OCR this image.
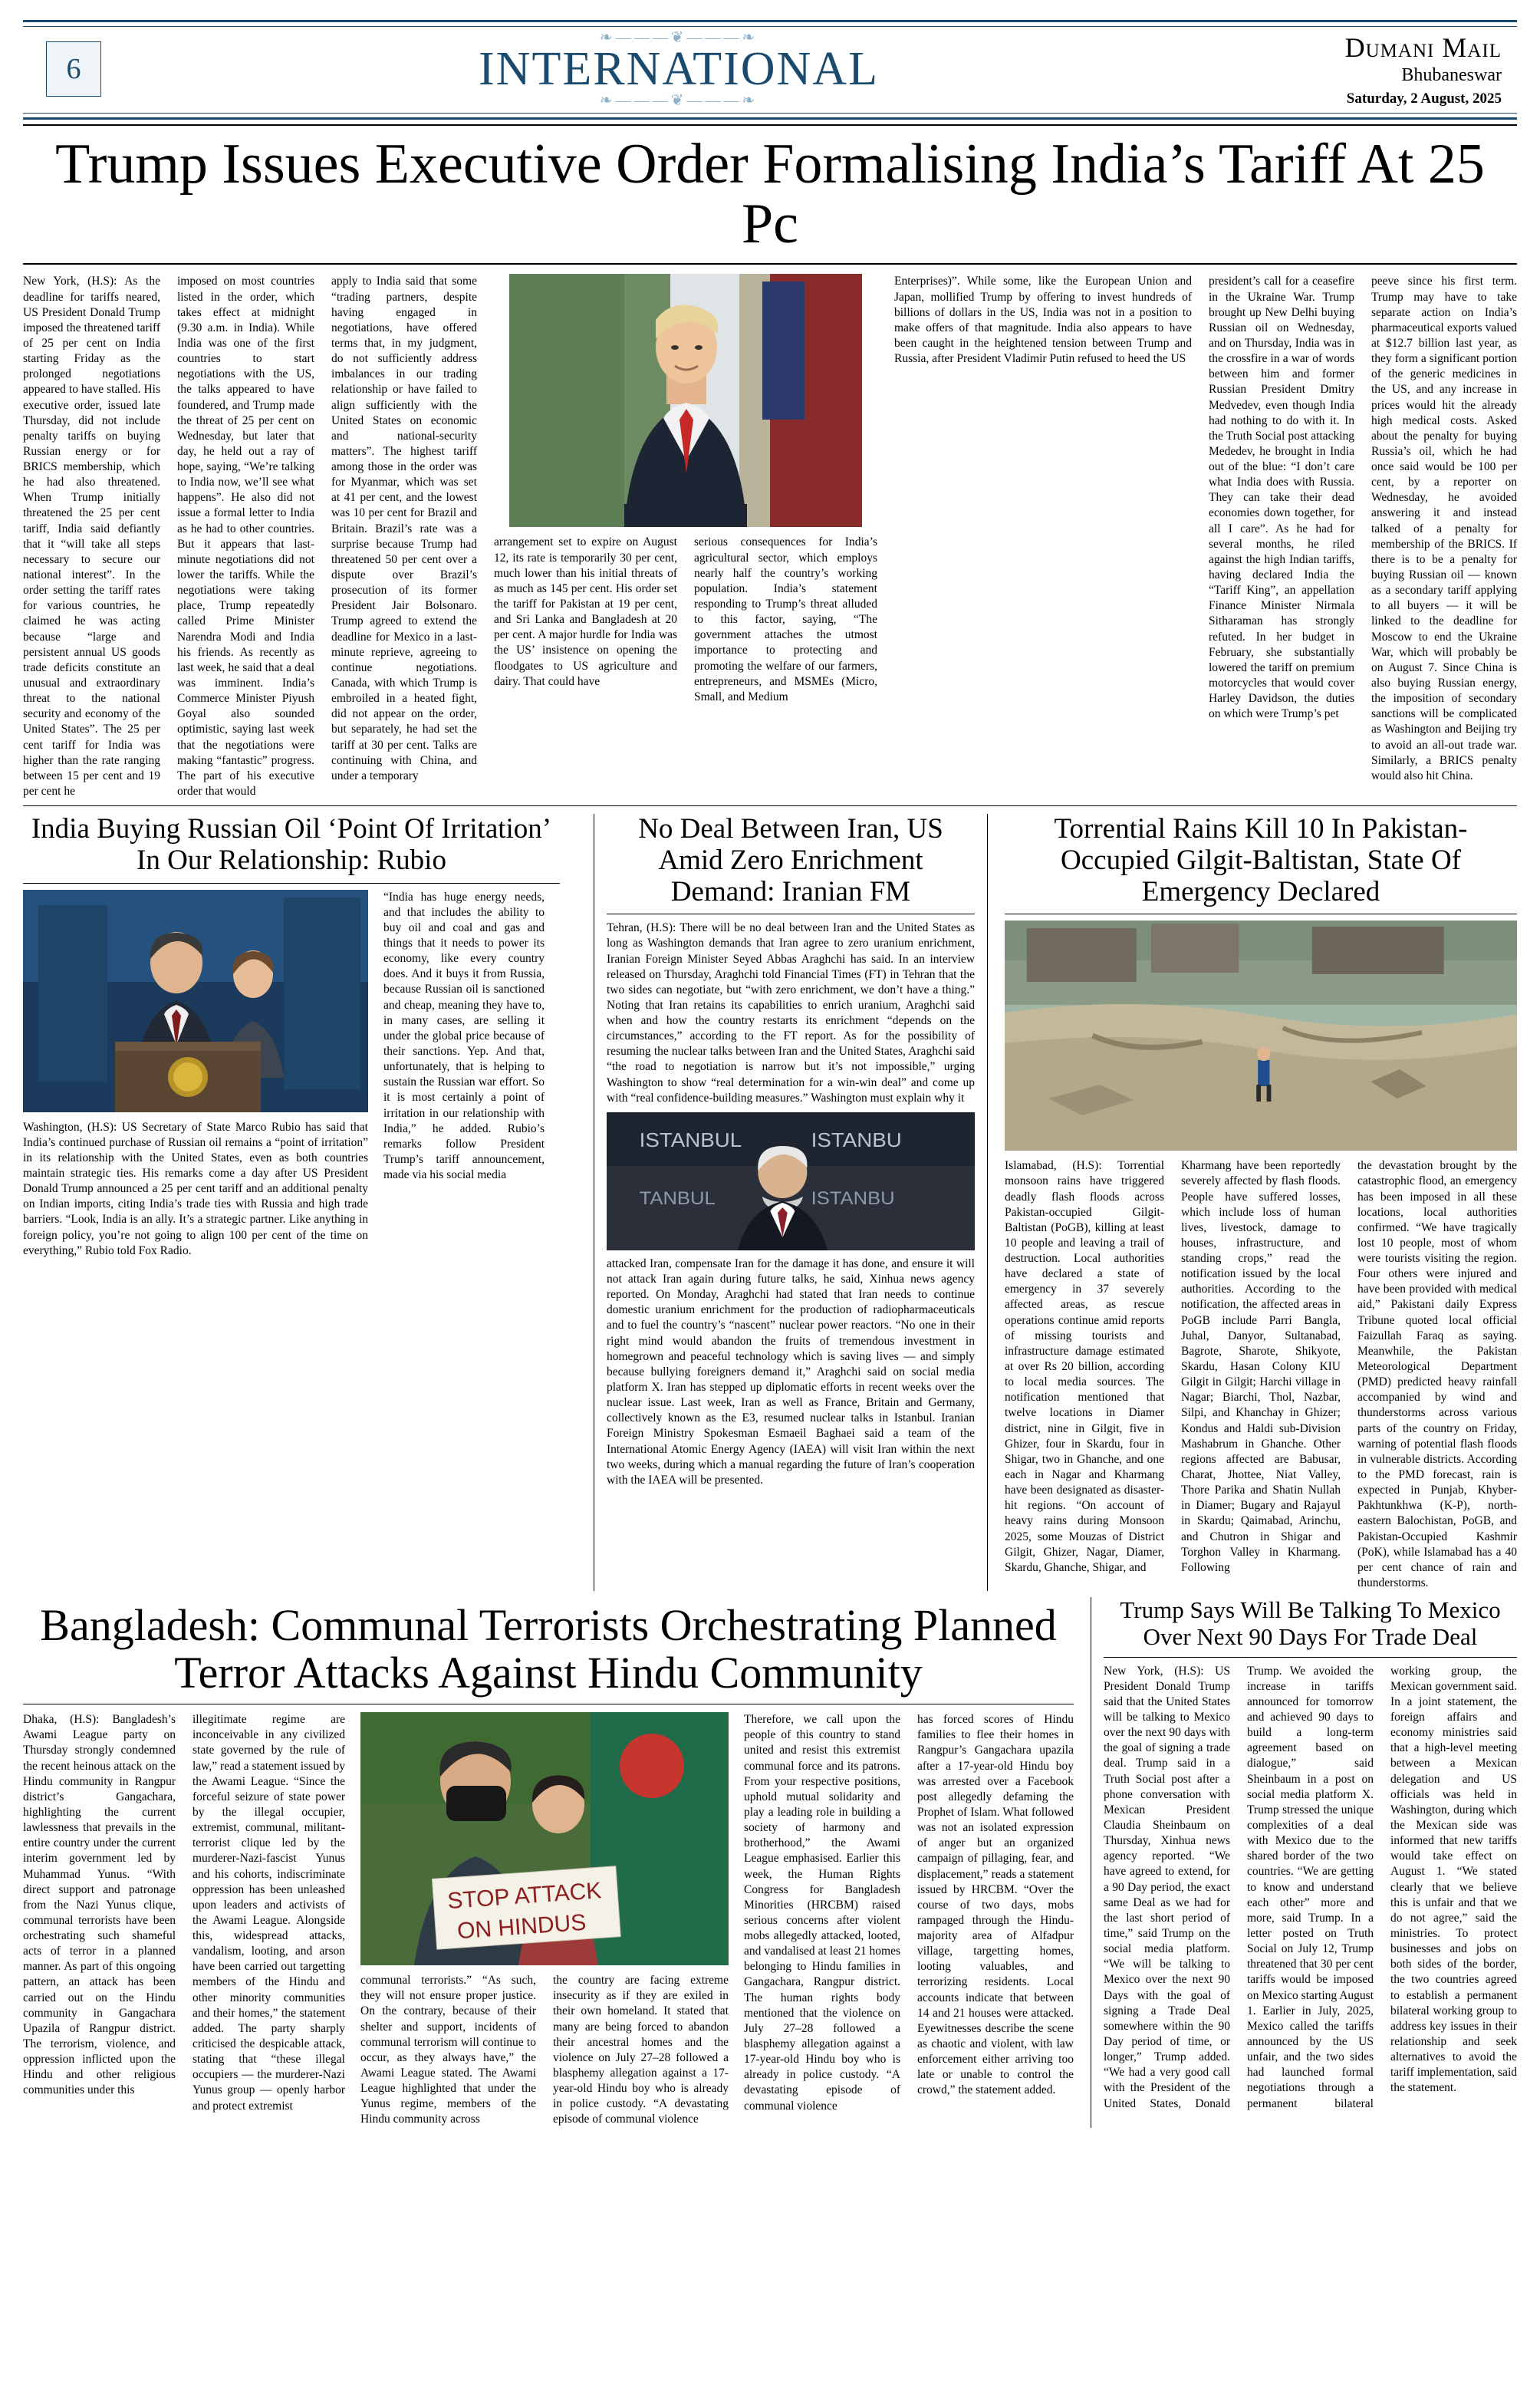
6
❧―――❦―――❧
INTERNATIONAL
❧―――❦―――❧
Dumani Mail
Bhubaneswar
Saturday, 2 August, 2025
Trump Issues Executive Order Formalising India’s Tariff At 25 Pc

New York, (H.S): As the deadline for tariffs neared, US President Donald Trump imposed the threatened tariff of 25 per cent on India starting Friday as the prolonged negotiations appeared to have stalled. His executive order, issued late Thursday, did not include penalty tariffs on buying Russian energy or for BRICS membership, which he had also threatened. When Trump initially threatened the 25 per cent tariff, India said defiantly that it “will take all steps necessary to secure our national interest”. In the order setting the tariff rates for various countries, he claimed he was acting because “large and persistent annual US goods trade deficits constitute an unusual and extraordinary threat to the national security and economy of the United States”. The 25 per cent tariff for India was higher than the rate ranging between 15 per cent and 19 per cent he

imposed on most countries listed in the order, which takes effect at midnight (9.30 a.m. in India). While India was one of the first countries to start negotiations with the US, the talks appeared to have foundered, and Trump made the threat of 25 per cent on Wednesday, but later that day, he held out a ray of hope, saying, “We’re talking to India now, we’ll see what happens”. He also did not issue a formal letter to India as he had to other countries. But it appears that last-minute negotiations did not lower the tariffs. While the negotiations were taking place, Trump repeatedly called Prime Minister Narendra Modi and India his friends. As recently as last week, he said that a deal was imminent. India’s Commerce Minister Piyush Goyal also sounded optimistic, saying last week that the negotiations were making “fantastic” progress. The part of his executive order that would

apply to India said that some “trading partners, despite having engaged in negotiations, have offered terms that, in my judgment, do not sufficiently address imbalances in our trading relationship or have failed to align sufficiently with the United States on economic and national-security matters”. The highest tariff among those in the order was for Myanmar, which was set at 41 per cent, and the lowest was 10 per cent for Brazil and Britain. Brazil’s rate was a surprise because Trump had threatened 50 per cent over a dispute over Brazil’s prosecution of its former President Jair Bolsonaro. Trump agreed to extend the deadline for Mexico in a last-minute reprieve, agreeing to continue negotiations. Canada, with which Trump is embroiled in a heated fight, did not appear on the order, but separately, he had set the tariff at 30 per cent. Talks are continuing with China, and under a temporary

arrangement set to expire on August 12, its rate is temporarily 30 per cent, much lower than his initial threats of as much as 145 per cent. His order set the tariff for Pakistan at 19 per cent, and Sri Lanka and Bangladesh at 20 per cent. A major hurdle for India was the US’ insistence on opening the floodgates to US agriculture and dairy. That could have

serious consequences for India’s agricultural sector, which employs nearly half the country’s working population. India’s statement responding to Trump’s threat alluded to this factor, saying, “The government attaches the utmost importance to protecting and promoting the welfare of our farmers, entrepreneurs, and MSMEs (Micro, Small, and Medium

Enterprises)”. While some, like the European Union and Japan, mollified Trump by offering to invest hundreds of billions of dollars in the US, India was not in a position to make offers of that magnitude. India also appears to have been caught in the heightened tension between Trump and Russia, after President Vladimir Putin refused to heed the US

president’s call for a ceasefire in the Ukraine War. Trump brought up New Delhi buying Russian oil on Wednesday, and on Thursday, India was in the crossfire in a war of words between him and former Russian President Dmitry Medvedev, even though India had nothing to do with it. In the Truth Social post attacking Mededev, he brought in India out of the blue: “I don’t care what India does with Russia. They can take their dead economies down together, for all I care”. As he had for several months, he riled against the high Indian tariffs, having declared India the “Tariff King”, an appellation Finance Minister Nirmala Sitharaman has strongly refuted. In her budget in February, she substantially lowered the tariff on premium motorcycles that would cover Harley Davidson, the duties on which were Trump’s pet

peeve since his first term. Trump may have to take separate action on India’s pharmaceutical exports valued at $12.7 billion last year, as they form a significant portion of the generic medicines in the US, and any increase in prices would hit the already high medical costs. Asked about the penalty for buying Russia’s oil, which he had once said would be 100 per cent, by a reporter on Wednesday, he avoided answering it and instead talked of a penalty for membership of the BRICS. If there is to be a penalty for buying Russian oil — known as a secondary tariff applying to all buyers — it will be linked to the deadline for Moscow to end the Ukraine War, which will probably be on August 7. Since China is also buying Russian energy, the imposition of secondary sanctions will be complicated as Washington and Beijing try to avoid an all-out trade war. Similarly, a BRICS penalty would also hit China.

India Buying Russian Oil ‘Point Of Irritation’ In Our Relationship: Rubio

Washington, (H.S): US Secretary of State Marco Rubio has said that India’s continued purchase of Russian oil remains a “point of irritation” in its relationship with the United States, even as both countries maintain strategic ties. His remarks come a day after US President Donald Trump announced a 25 per cent tariff and an additional penalty on Indian imports, citing India’s trade ties with Russia and high trade barriers. “Look, India is an ally. It’s a strategic partner. Like anything in foreign policy, you’re not going to align 100 per cent of the time on everything,” Rubio told Fox Radio.

“India has huge energy needs, and that includes the ability to buy oil and coal and gas and things that it needs to power its economy, like every country does. And it buys it from Russia, because Russian oil is sanctioned and cheap, meaning they have to, in many cases, are selling it under the global price because of their sanctions. Yep. And that, unfortunately, that is helping to sustain the Russian war effort. So it is most certainly a point of irritation in our relationship with India,” he added. Rubio’s remarks follow President Trump’s tariff announcement, made via his social media

No Deal Between Iran, US Amid Zero Enrichment Demand: Iranian FM

Tehran, (H.S): There will be no deal between Iran and the United States as long as Washington demands that Iran agree to zero uranium enrichment, Iranian Foreign Minister Seyed Abbas Araghchi has said. In an interview released on Thursday, Araghchi told Financial Times (FT) in Tehran that the two sides can negotiate, but “with zero enrichment, we don’t have a thing.” Noting that Iran retains its capabilities to enrich uranium, Araghchi said when and how the country restarts its enrichment “depends on the circumstances,” according to the FT report. As for the possibility of resuming the nuclear talks between Iran and the United States, Araghchi said “the road to negotiation is narrow but it’s not impossible,” urging Washington to show “real determination for a win-win deal” and come up with “real confidence-building measures.” Washington must explain why it

ISTANBUL	ISTANBU
TANBUL	ISTANBU

attacked Iran, compensate Iran for the damage it has done, and ensure it will not attack Iran again during future talks, he said, Xinhua news agency reported. On Monday, Araghchi had stated that Iran needs to continue domestic uranium enrichment for the production of radiopharmaceuticals and to fuel the country’s “nascent” nuclear power reactors. “No one in their right mind would abandon the fruits of tremendous investment in homegrown and peaceful technology which is saving lives — and simply because bullying foreigners demand it,” Araghchi said on social media platform X. Iran has stepped up diplomatic efforts in recent weeks over the nuclear issue. Last week, Iran as well as France, Britain and Germany, collectively known as the E3, resumed nuclear talks in Istanbul. Iranian Foreign Ministry Spokesman Esmaeil Baghaei said a team of the International Atomic Energy Agency (IAEA) will visit Iran within the next two weeks, during which a manual regarding the future of Iran’s cooperation with the IAEA will be presented.

Torrential Rains Kill 10 In Pakistan-Occupied Gilgit-Baltistan, State Of Emergency Declared

Islamabad, (H.S): Torrential monsoon rains have triggered deadly flash floods across Pakistan-occupied Gilgit-Baltistan (PoGB), killing at least 10 people and leaving a trail of destruction. Local authorities have declared a state of emergency in 37 severely affected areas, as rescue operations continue amid reports of missing tourists and infrastructure damage estimated at over Rs 20 billion, according to local media sources. The notification mentioned that twelve locations in Diamer district, nine in Gilgit, five in Ghizer, four in Skardu, four in Shigar, two in Ghanche, and one each in Nagar and Kharmang have been designated as disaster-hit regions. “On account of heavy rains during Monsoon 2025, some Mouzas of District Gilgit, Ghizer, Nagar, Diamer, Skardu, Ghanche, Shigar, and

Kharmang have been reportedly severely affected by flash floods. People have suffered losses, which include loss of human lives, livestock, damage to houses, infrastructure, and standing crops,” read the notification issued by the local authorities. According to the notification, the affected areas in PoGB include Parri Bangla, Juhal, Danyor, Sultanabad, Bagrote, Sharote, Shikyote, Skardu, Hasan Colony KIU Gilgit in Gilgit; Harchi village in Nagar; Biarchi, Thol, Nazbar, Silpi, and Khanchay in Ghizer; Kondus and Haldi sub-Division Mashabrum in Ghanche. Other regions affected are Babusar, Charat, Jhottee, Niat Valley, Thore Parika and Shatin Nullah in Diamer; Bugary and Rajayul in Skardu; Qaimabad, Arinchu, and Chutron in Shigar and Torghon Valley in Kharmang. Following

the devastation brought by the catastrophic flood, an emergency has been imposed in all these locations, local authorities confirmed. “We have tragically lost 10 people, most of whom were tourists visiting the region. Four others were injured and have been provided with medical aid,” Pakistani daily Express Tribune quoted local official Faizullah Faraq as saying. Meanwhile, the Pakistan Meteorological Department (PMD) predicted heavy rainfall accompanied by wind and thunderstorms across various parts of the country on Friday, warning of potential flash floods in vulnerable districts. According to the PMD forecast, rain is expected in Punjab, Khyber-Pakhtunkhwa (K-P), north-eastern Balochistan, PoGB, and Pakistan-Occupied Kashmir (PoK), while Islamabad has a 40 per cent chance of rain and thunderstorms.

Bangladesh: Communal Terrorists Orchestrating Planned Terror Attacks Against Hindu Community

Dhaka, (H.S): Bangladesh’s Awami League party on Thursday strongly condemned the recent heinous attack on the Hindu community in Rangpur district’s Gangachara, highlighting the current lawlessness that prevails in the entire country under the current interim government led by Muhammad Yunus. “With direct support and patronage from the Nazi Yunus clique, communal terrorists have been orchestrating such shameful acts of terror in a planned manner. As part of this ongoing pattern, an attack has been carried out on the Hindu community in Gangachara Upazila of Rangpur district. The terrorism, violence, and oppression inflicted upon the Hindu and other religious communities under this

illegitimate regime are inconceivable in any civilized state governed by the rule of law,” read a statement issued by the Awami League. “Since the forceful seizure of state power by the illegal occupier, extremist, communal, militant-terrorist clique led by the murderer-Nazi-fascist Yunus and his cohorts, indiscriminate oppression has been unleashed upon leaders and activists of the Awami League. Alongside this, widespread attacks, vandalism, looting, and arson have been carried out targetting members of the Hindu and other minority communities and their homes,” the statement added. The party sharply criticised the despicable attack, stating that “these illegal occupiers — the murderer-Nazi Yunus group — openly harbor and protect extremist

STOP ATTACK
ON HINDUS

communal terrorists.” “As such, they will not ensure proper justice. On the contrary, because of their shelter and support, incidents of communal terrorism will continue to occur, as they always have,” the Awami League stated. The Awami League highlighted that under the Yunus regime, members of the Hindu community across

the country are facing extreme insecurity as if they are exiled in their own homeland. It stated that many are being forced to abandon their ancestral homes and the violence on July 27–28 followed a blasphemy allegation against a 17-year-old Hindu boy who is already in police custody. “A devastating episode of communal violence

Therefore, we call upon the people of this country to stand united and resist this extremist communal force and its patrons. From your respective positions, uphold mutual solidarity and play a leading role in building a society of harmony and brotherhood,” the Awami League emphasised. Earlier this week, the Human Rights Congress for Bangladesh Minorities (HRCBM) raised serious concerns after violent mobs allegedly attacked, looted, and vandalised at least 21 homes belonging to Hindu families in Gangachara, Rangpur district. The human rights body mentioned that the violence on July 27–28 followed a blasphemy allegation against a 17-year-old Hindu boy who is already in police custody. “A devastating episode of communal violence

has forced scores of Hindu families to flee their homes in Rangpur’s Gangachara upazila after a 17-year-old Hindu boy was arrested over a Facebook post allegedly defaming the Prophet of Islam. What followed was not an isolated expression of anger but an organized campaign of pillaging, fear, and displacement,” reads a statement issued by HRCBM. “Over the course of two days, mobs rampaged through the Hindu-majority area of Alfadpur village, targetting homes, looting valuables, and terrorizing residents. Local accounts indicate that between 14 and 21 houses were attacked. Eyewitnesses describe the scene as chaotic and violent, with law enforcement either arriving too late or unable to control the crowd,” the statement added.

Trump Says Will Be Talking To Mexico Over Next 90 Days For Trade Deal

New York, (H.S): US President Donald Trump said that the United States will be talking to Mexico over the next 90 days with the goal of signing a trade deal. Trump said in a Truth Social post after a phone conversation with Mexican President Claudia Sheinbaum on Thursday, Xinhua news agency reported. “We have agreed to extend, for a 90 Day period, the exact same Deal as we had for the last short period of time,” said Trump on the social media platform. “We will be talking to Mexico over the next 90 Days with the goal of signing a Trade Deal somewhere within the 90 Day period of time, or longer,” Trump added. “We had a very good call with the President of the United States, Donald Trump. We avoided the increase in tariffs announced for tomorrow and achieved 90 days to build a long-term agreement based on dialogue,” said Sheinbaum in a post on social media platform X. Trump stressed the unique complexities of a deal with Mexico due to the shared border of the two countries. “We are getting to know and understand each other” more and more, said Trump. In a letter posted on Truth Social on July 12, Trump threatened that 30 per cent tariffs would be imposed on Mexico starting August 1. Earlier in July, 2025, Mexico called the tariffs announced by the US unfair, and the two sides had launched formal negotiations through a permanent bilateral working group, the Mexican government said. In a joint statement, the foreign affairs and economy ministries said that a high-level meeting between a Mexican delegation and US officials was held in Washington, during which the Mexican side was informed that new tariffs would take effect on August 1. “We stated clearly that we believe this is unfair and that we do not agree,” said the ministries. To protect businesses and jobs on both sides of the border, the two countries agreed to establish a permanent bilateral working group to address key issues in their relationship and seek alternatives to avoid the tariff implementation, said the statement.
